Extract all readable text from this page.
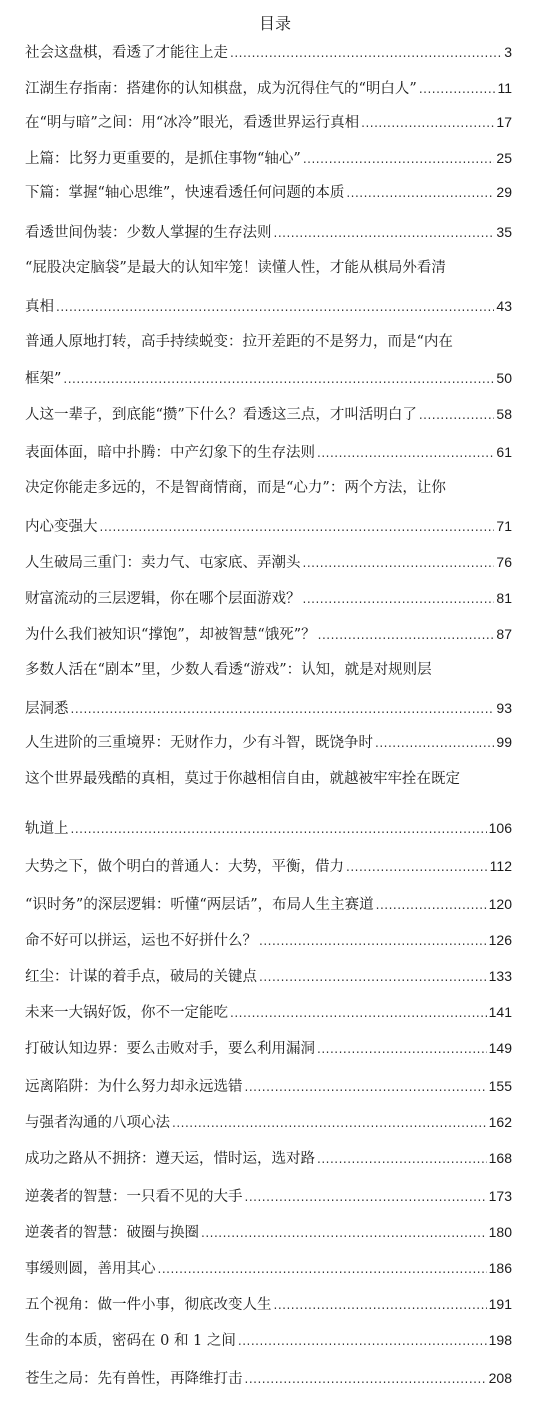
目录
社会这盘棋，看透了才能往上走 .....	3
江湖生存指南：搭建你的认知棋盘，成为沉得住气的“明白人” .....	11
在“明与暗”之间：用“冰冷”眼光，看透世界运行真相 .....	17
上篇：比努力更重要的，是抓住事物“轴心” .....	25
下篇：掌握“轴心思维”，快速看透任何问题的本质 .....	29
看透世间伪装：少数人掌握的生存法则 .....	35
“屁股决定脑袋”是最大的认知牢笼！读懂人性，才能从棋局外看清
真相 .....	43
普通人原地打转，高手持续蜕变：拉开差距的不是努力，而是“内在
框架” .....	50
人这一辈子，到底能“攒”下什么？看透这三点，才叫活明白了 .....	58
表面体面，暗中扑腾：中产幻象下的生存法则 .....	61
决定你能走多远的，不是智商情商，而是“心力”：两个方法，让你
内心变强大 .....	71
人生破局三重门：卖力气、屯家底、弄潮头 .....	76
财富流动的三层逻辑，你在哪个层面游戏？ .....	81
为什么我们被知识“撑饱”，却被智慧“饿死”？ .....	87
多数人活在“剧本”里，少数人看透“游戏”：认知，就是对规则层
层洞悉 .....	93
人生进阶的三重境界：无财作力，少有斗智，既饶争时 .....	99
这个世界最残酷的真相，莫过于你越相信自由，就越被牢牢拴在既定
轨道上 .....	106
大势之下，做个明白的普通人：大势，平衡，借力 .....	112
“识时务”的深层逻辑：听懂“两层话”，布局人生主赛道 .....	120
命不好可以拼运，运也不好拼什么？ .....	126
红尘：计谋的着手点，破局的关键点 .....	133
未来一大锅好饭，你不一定能吃 .....	141
打破认知边界：要么击败对手，要么利用漏洞 .....	149
远离陷阱：为什么努力却永远选错 .....	155
与强者沟通的八项心法 .....	162
成功之路从不拥挤：遵天运，惜时运，选对路 .....	168
逆袭者的智慧：一只看不见的大手 .....	173
逆袭者的智慧：破圈与换圈 .....	180
事缓则圆，善用其心 .....	186
五个视角：做一件小事，彻底改变人生 .....	191
生命的本质，密码在 0 和 1 之间 .....	198
苍生之局：先有兽性，再降维打击 .....	208
